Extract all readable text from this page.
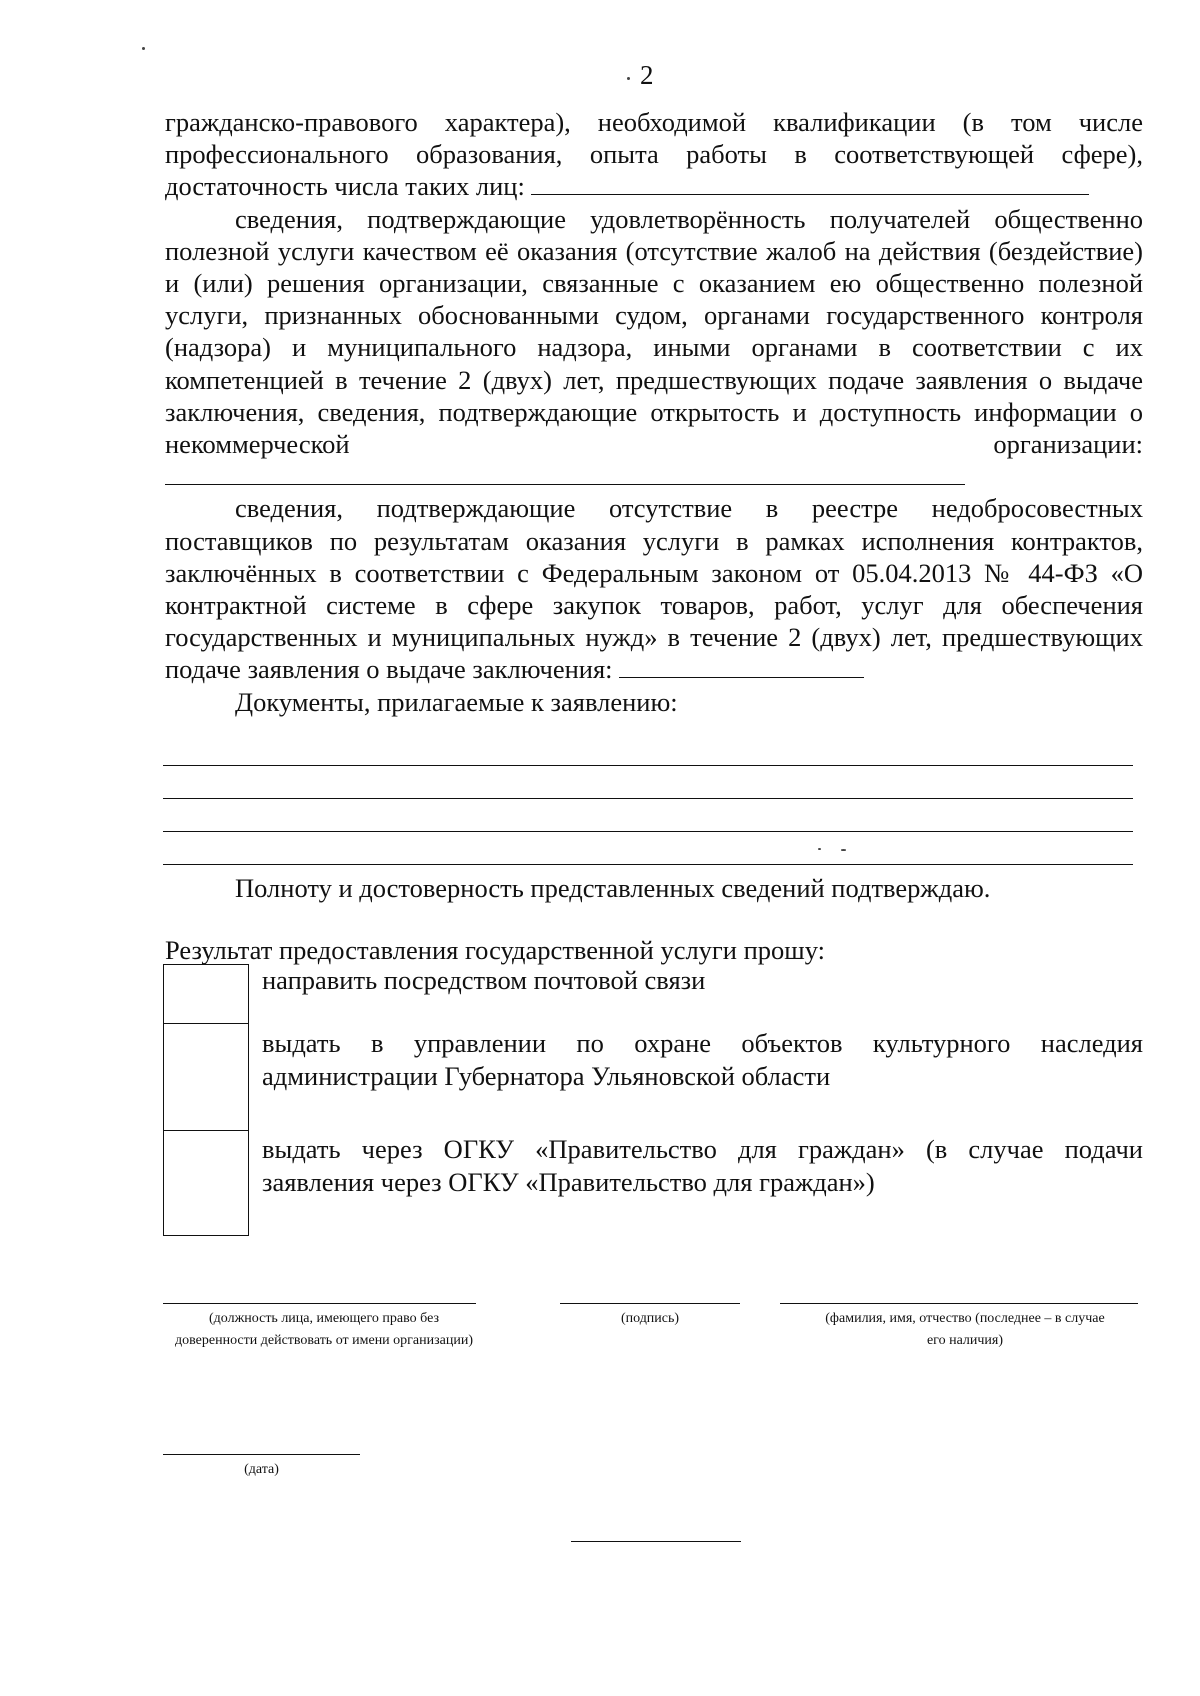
2

гражданско-правового характера), необходимой квалификации (в том числе профессионального образования, опыта работы в соответствующей сфере), достаточность числа таких лиц:

сведения, подтверждающие удовлетворённость получателей общественно полезной услуги качеством её оказания (отсутствие жалоб на действия (бездействие) и (или) решения организации, связанные с оказанием ею общественно полезной услуги, признанных обоснованными судом, органами государственного контроля (надзора) и муниципального надзора, иными органами в соответствии с их компетенцией в течение 2 (двух) лет, предшествующих подаче заявления о выдаче заключения, сведения, подтверждающие открытость и доступность информации о некоммерческой организации:

сведения, подтверждающие отсутствие в реестре недобросовестных поставщиков по результатам оказания услуги в рамках исполнения контрактов, заключённых в соответствии с Федеральным законом от 05.04.2013 № 44-ФЗ «О контрактной системе в сфере закупок товаров, работ, услуг для обеспечения государственных и муниципальных нужд» в течение 2 (двух) лет, предшествующих подаче заявления о выдаче заключения:

Документы, прилагаемые к заявлению:

Полноту и достоверность представленных сведений подтверждаю.
Результат предоставления государственной услуги прошу:
направить посредством почтовой связи
выдать в управлении по охране объектов культурного наследия администрации Губернатора Ульяновской области
выдать через ОГКУ «Правительство для граждан» (в случае подачи заявления через ОГКУ «Правительство для граждан»)
(должность лица, имеющего право без доверенности действовать от имени организации)
(подпись)	(фамилия, имя, отчество (последнее – в случае его наличия)
(дата)
